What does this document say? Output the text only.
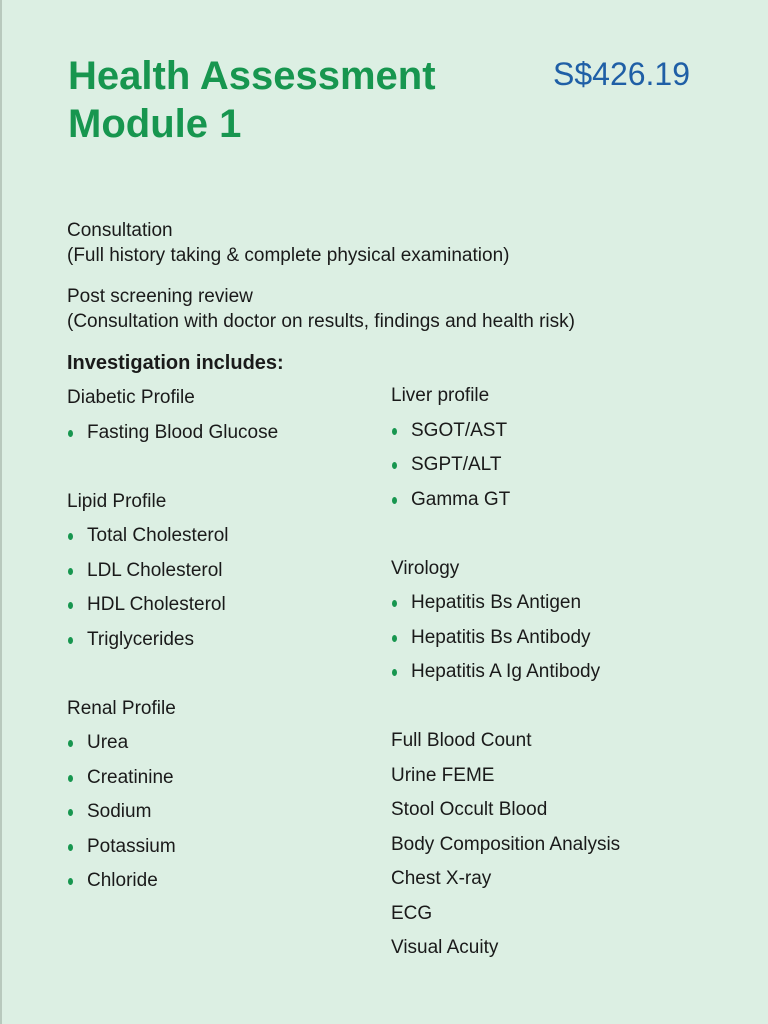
Health Assessment
Module 1
S$426.19
Consultation
(Full history taking & complete physical examination)
Post screening review
(Consultation with doctor on results, findings and health risk)
Investigation includes:
Diabetic Profile
Fasting Blood Glucose
Lipid Profile
Total Cholesterol
LDL Cholesterol
HDL Cholesterol
Triglycerides
Renal Profile
Urea
Creatinine
Sodium
Potassium
Chloride
Liver profile
SGOT/AST
SGPT/ALT
Gamma GT
Virology
Hepatitis Bs Antigen
Hepatitis Bs Antibody
Hepatitis A Ig Antibody
Full Blood Count
Urine FEME
Stool Occult Blood
Body Composition Analysis
Chest X-ray
ECG
Visual Acuity
